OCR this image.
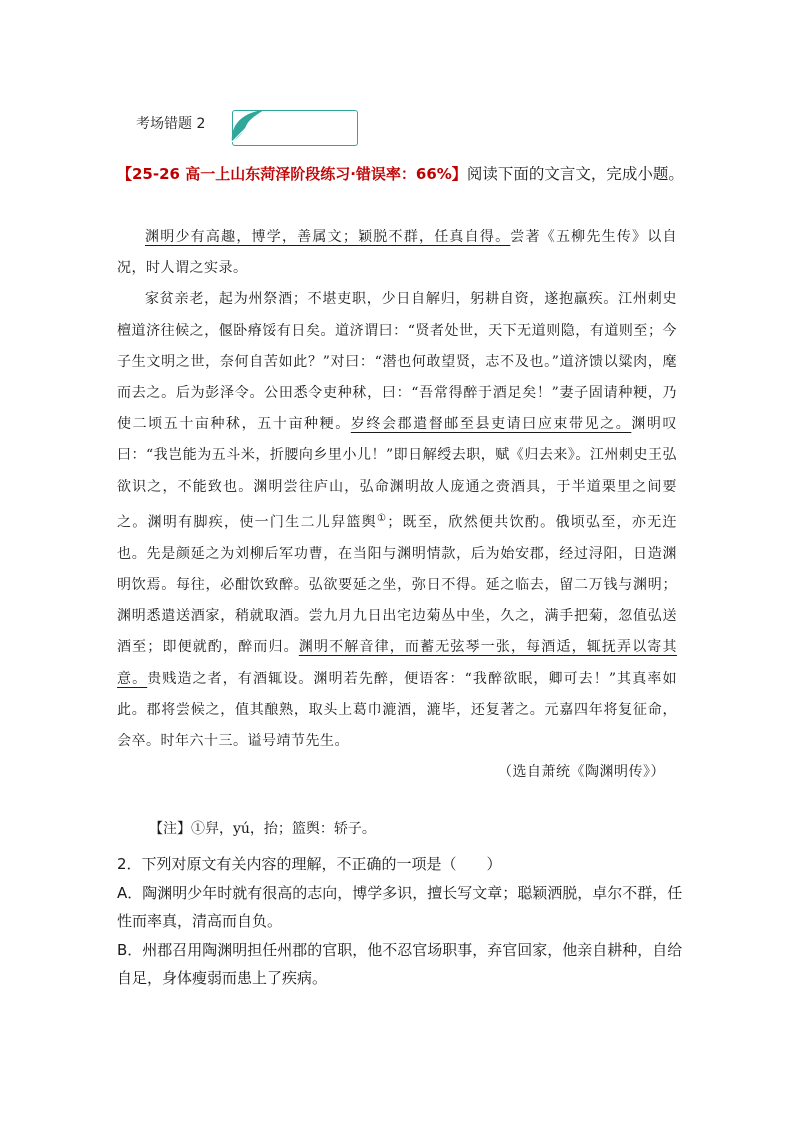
考场错题 2
【25-26 高一上山东菏泽阶段练习·错误率：66%】阅读下面的文言文，完成小题。

渊明少有高趣，博学，善属文；颖脱不群，任真自得。尝著《五柳先生传》以自况，时人谓之实录。

家贫亲老，起为州祭酒；不堪吏职，少日自解归，躬耕自资，遂抱羸疾。江州刺史檀道济往候之，偃卧瘠馁有日矣。道济谓曰：“贤者处世，天下无道则隐，有道则至；今子生文明之世，奈何自苦如此？”对曰：“潜也何敢望贤，志不及也。”道济馈以粱肉，麾而去之。后为彭泽令。公田悉令吏种秫，曰：“吾常得醉于酒足矣！”妻子固请种粳，乃使二顷五十亩种秫，五十亩种粳。岁终会郡遣督邮至县吏请曰应束带见之。渊明叹曰：“我岂能为五斗米，折腰向乡里小儿！”即日解绶去职，赋《归去来》。江州刺史王弘欲识之，不能致也。渊明尝往庐山，弘命渊明故人庞通之赍酒具，于半道栗里之间要之。渊明有脚疾，使一门生二儿舁篮舆①；既至，欣然便共饮酌。俄顷弘至，亦无迕也。先是颜延之为刘柳后军功曹，在当阳与渊明情款，后为始安郡，经过浔阳，日造渊明饮焉。每往，必酣饮致醉。弘欲要延之坐，弥日不得。延之临去，留二万钱与渊明；渊明悉遣送酒家，稍就取酒。尝九月九日出宅边菊丛中坐，久之，满手把菊，忽值弘送酒至；即便就酌，醉而归。渊明不解音律，而蓄无弦琴一张，每酒适，辄抚弄以寄其意。贵贱造之者，有酒辄设。渊明若先醉，便语客：“我醉欲眠，卿可去！”其真率如此。郡将尝候之，值其酿熟，取头上葛巾漉酒，漉毕，还复著之。元嘉四年将复征命，会卒。时年六十三。谥号靖节先生。

（选自萧统《陶渊明传》）

【注】①舁，yú，抬；篮舆：轿子。
2．下列对原文有关内容的理解，不正确的一项是（　　）
A．陶渊明少年时就有很高的志向，博学多识，擅长写文章；聪颖洒脱，卓尔不群，任性而率真，清高而自负。
B．州郡召用陶渊明担任州郡的官职，他不忍官场职事，弃官回家，他亲自耕种，自给自足，身体瘦弱而患上了疾病。
